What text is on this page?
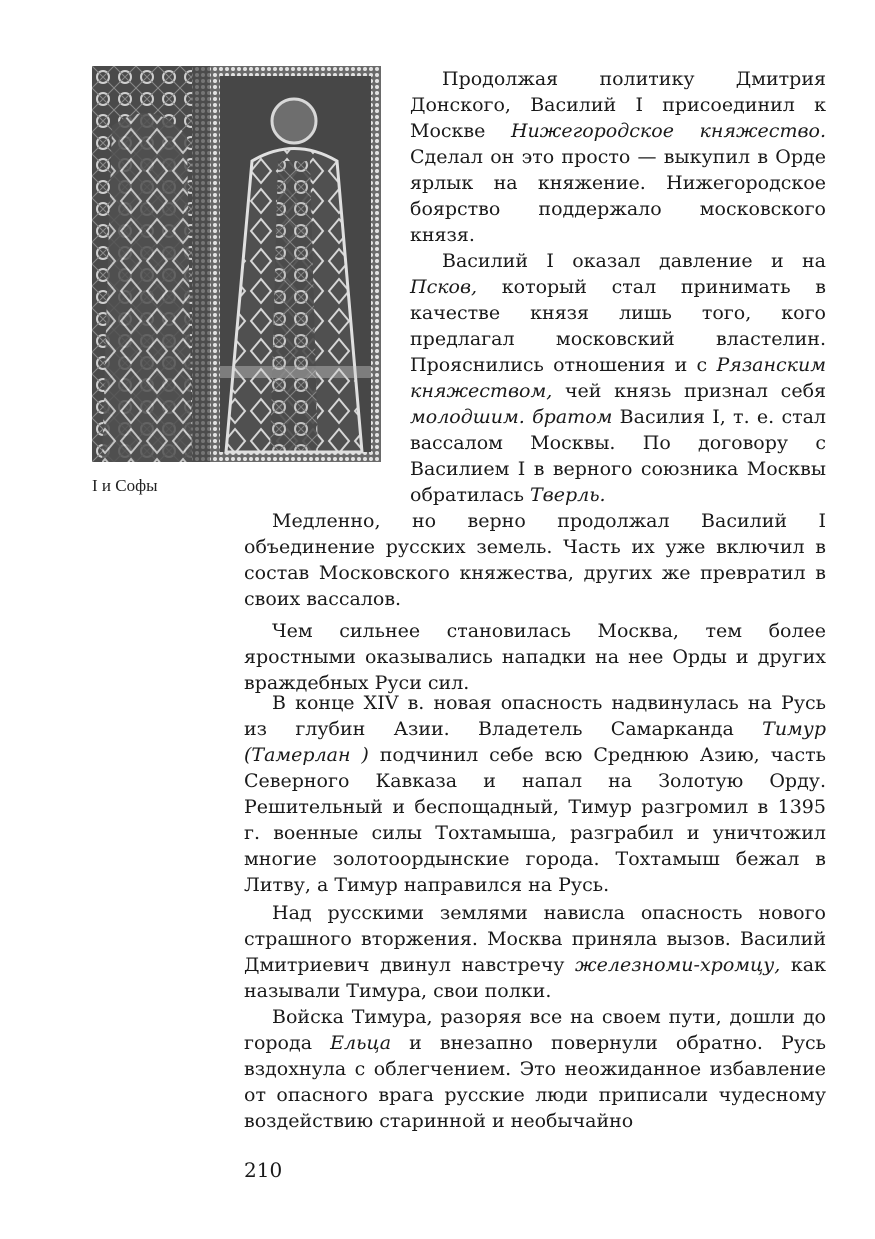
I и Софы

Продолжая политику Дмитрия Донского, Василий I присоединил к Москве Нижегородское княжество. Сделал он это просто — выкупил в Орде ярлык на княжение. Нижегородское боярство поддержало московского князя.

Василий I оказал давление и на Псков, который стал принимать в качестве князя лишь того, кого предлагал московский властелин. Прояснились отношения и с Рязанским княжеством, чей князь признал себя молодшим. братом Василия I, т. е. стал вассалом Москвы. По договору с Василием I в верного союзника Москвы обратилась Тверль.

Медленно, но верно продолжал Василий I объединение русских земель. Часть их уже включил в состав Московского княжества, других же превратил в своих вассалов.

Чем сильнее становилась Москва, тем более яростными оказывались нападки на нее Орды и других враждебных Руси сил.

В конце XIV в. новая опасность надвинулась на Русь из глубин Азии. Владетель Самарканда Тимур (Тамерлан ) подчинил себе всю Среднюю Азию, часть Северного Кавказа и напал на Золотую Орду. Решительный и беспощадный, Тимур разгромил в 1395 г. военные силы Тохтамыша, разграбил и уничтожил многие золотоордынские города. Тохтамыш бежал в Литву, а Тимур направился на Русь.

Над русскими землями нависла опасность нового страшного вторжения. Москва приняла вызов. Василий Дмитриевич двинул навстречу железноми-хромцу, как называли Тимура, свои полки.

Войска Тимура, разоряя все на своем пути, дошли до города Ельца и внезапно повернули обратно. Русь вздохнула с облегчением. Это неожиданное избавление от опасного врага русские люди приписали чудесному воздействию старинной и необычайно

210
